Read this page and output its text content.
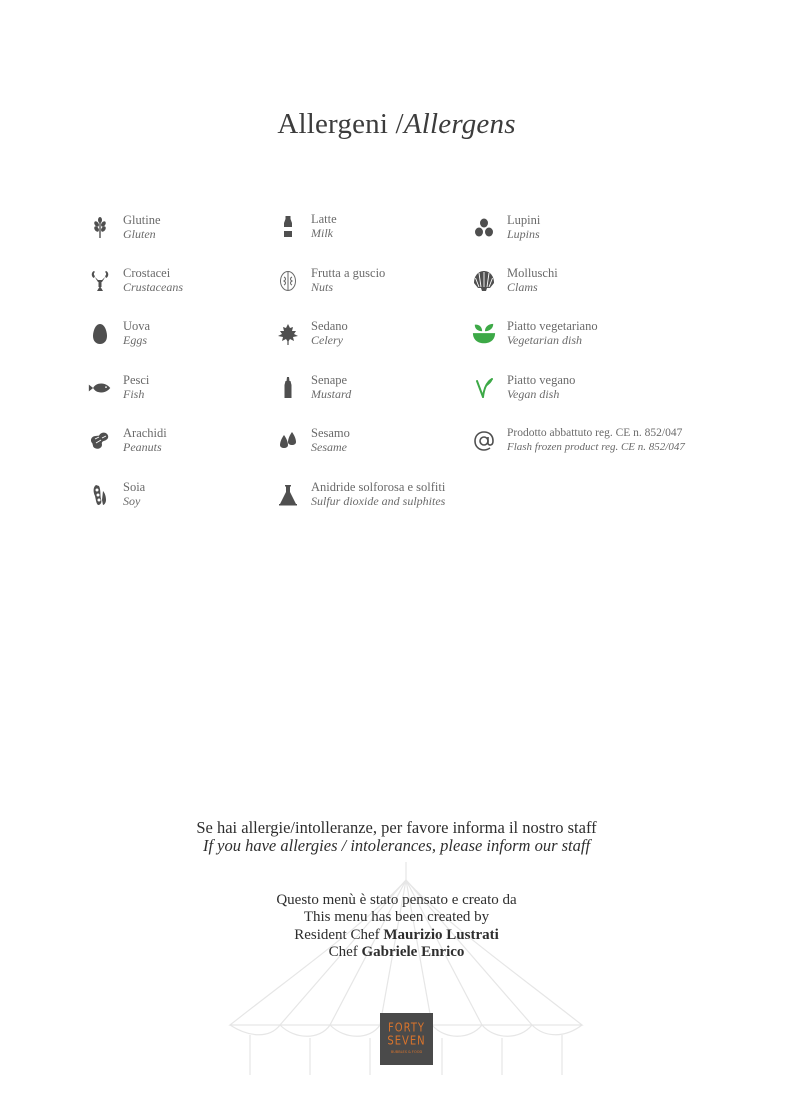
Allergeni /Allergens
Glutine
Gluten
Crostacei
Crustaceans
Uova
Eggs
Pesci
Fish
Arachidi
Peanuts
Soia
Soy
Latte
Milk
Frutta a guscio
Nuts
Sedano
Celery
Senape
Mustard
Sesamo
Sesame
Anidride solforosa e solfiti
Sulfur dioxide and sulphites
Lupini
Lupins
Molluschi
Clams
Piatto vegetariano
Vegetarian dish
Piatto vegano
Vegan dish
Prodotto abbattuto reg. CE n. 852/047
Flash frozen product reg. CE n. 852/047
Se hai allergie/intolleranze, per favore informa il nostro staff
If you have allergies / intolerances, please inform our staff
Questo menù è stato pensato e creato da
This menu has been created by
Resident Chef Maurizio Lustrati
Chef Gabriele Enrico
FORTY
SEVEN
BUBBLES & FOOD
